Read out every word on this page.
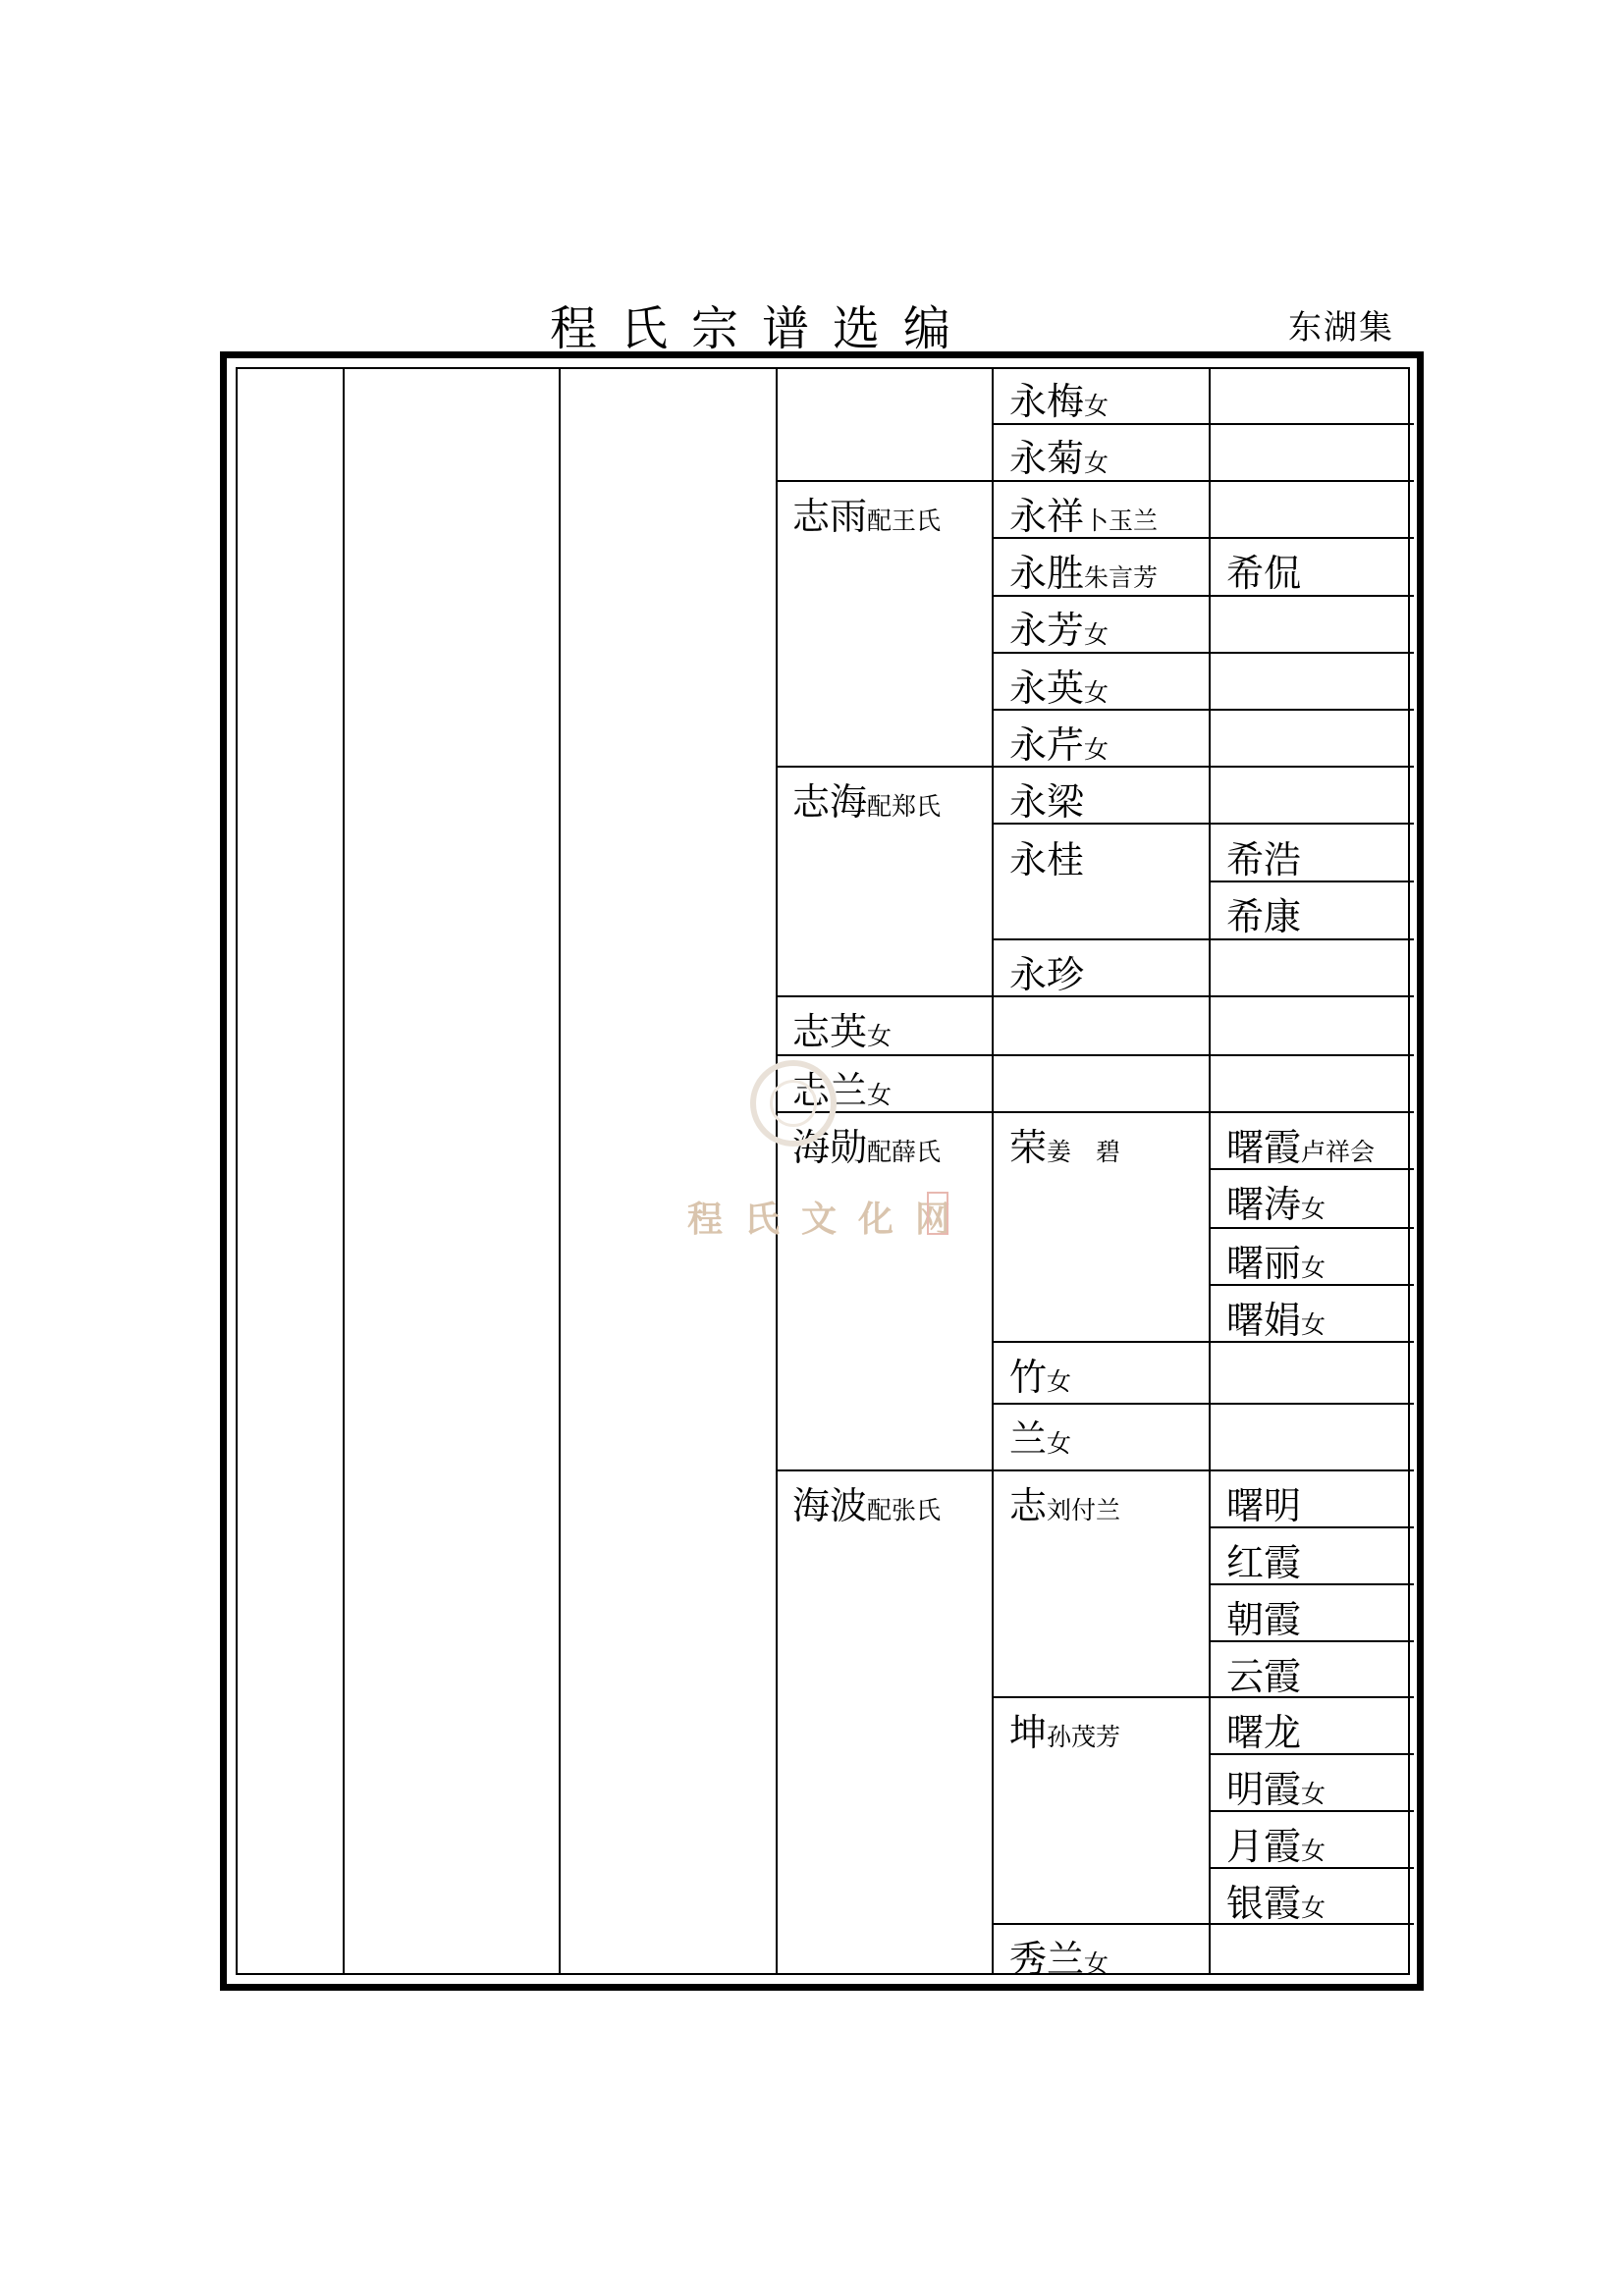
程氏宗谱选编	东湖集
志雨配王氏
志海配郑氏
志英女
志兰女
海勋配薛氏
海波配张氏
永梅女
永菊女
永祥卜玉兰
永胜朱言芳
永芳女
永英女
永芹女
永梁
永桂
永珍
荣姜　碧
竹女
兰女
志刘付兰
坤孙茂芳
秀兰女
希侃
希浩
希康
曙霞卢祥会
曙涛女
曙丽女
曙娟女
曙明
红霞
朝霞
云霞
曙龙
明霞女
月霞女
银霞女
程氏文化网
